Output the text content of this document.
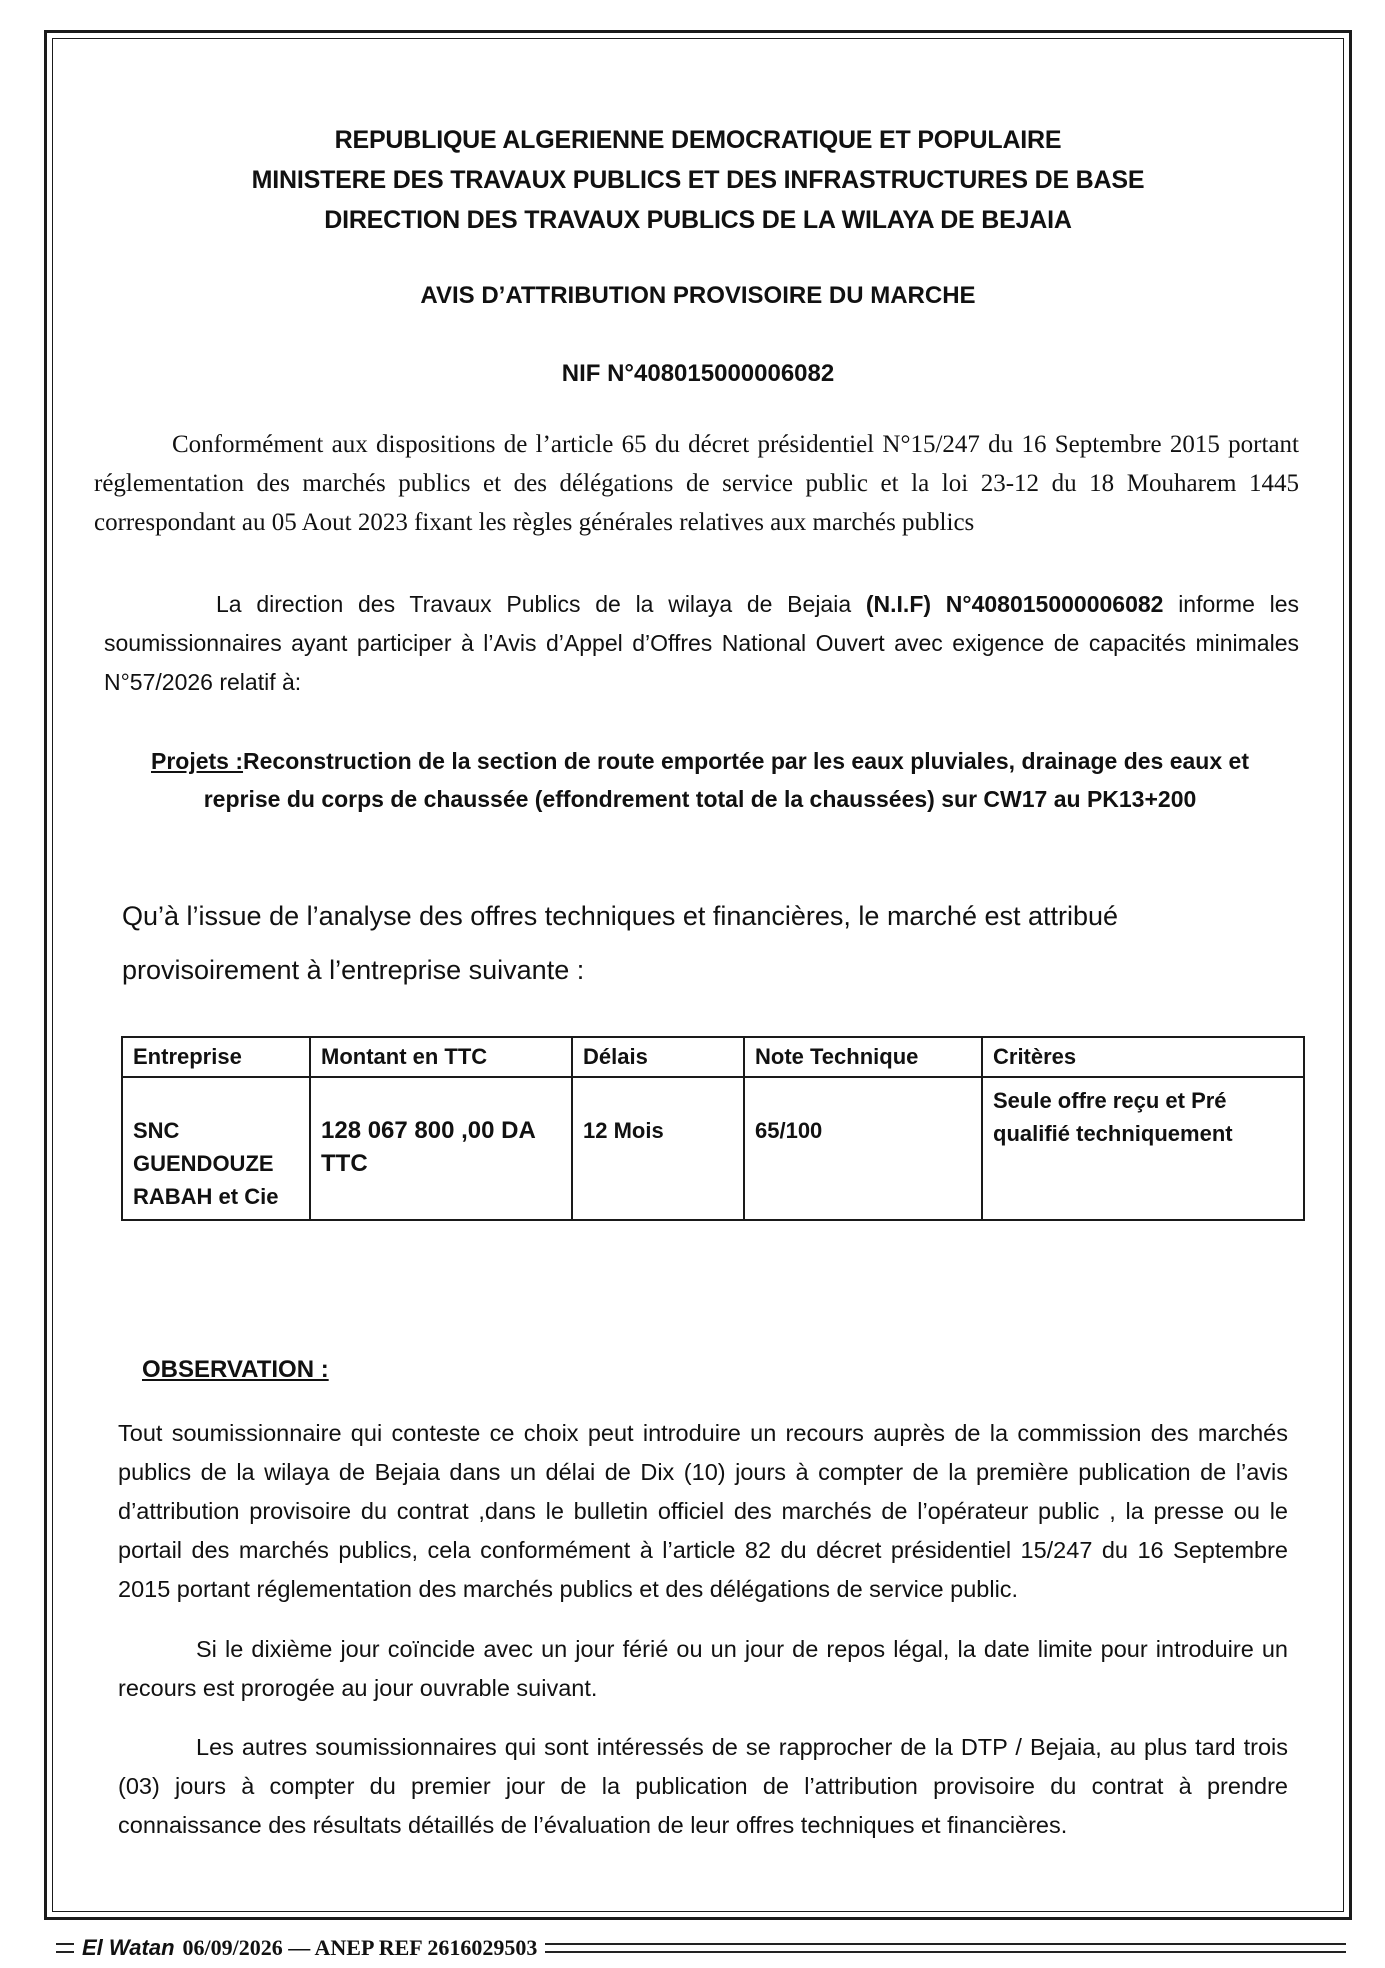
REPUBLIQUE ALGERIENNE DEMOCRATIQUE ET POPULAIRE
MINISTERE DES TRAVAUX PUBLICS ET DES INFRASTRUCTURES DE BASE
DIRECTION DES TRAVAUX PUBLICS DE LA WILAYA DE BEJAIA
AVIS D’ATTRIBUTION PROVISOIRE DU MARCHE
NIF N°408015000006082

Conformément aux dispositions de l’article 65 du décret présidentiel N°15/247 du 16 Septembre 2015 portant réglementation des marchés publics et des délégations de service public et la loi 23-12 du 18 Mouharem 1445 correspondant au 05 Aout 2023 fixant les règles générales relatives aux marchés publics

La direction des Travaux Publics de la wilaya de Bejaia (N.I.F) N°408015000006082 informe les soumissionnaires ayant participer à l’Avis d’Appel d’Offres National Ouvert avec exigence de capacités minimales N°57/2026 relatif à:

Projets :Reconstruction de la section de route emportée par les eaux pluviales, drainage des eaux et reprise du corps de chaussée (effondrement total de la chaussées) sur CW17 au PK13+200
Qu’à l’issue de l’analyse des offres techniques et financières, le marché est attribué provisoirement à l’entreprise suivante :
Entreprise	Montant en TTC	Délais	Note Technique	Critères
SNC GUENDOUZE RABAH et Cie	128 067 800 ,00 DA TTC	12 Mois	65/100	Seule offre reçu et Pré qualifié techniquement
OBSERVATION :

Tout soumissionnaire qui conteste ce choix peut introduire un recours auprès de la commission des marchés publics de la wilaya de Bejaia dans un délai de Dix (10) jours à compter de la première publication de l’avis d’attribution provisoire du contrat ,dans le bulletin officiel des marchés de l’opérateur public , la presse ou le portail des marchés publics, cela conformément à l’article 82 du décret présidentiel 15/247 du 16 Septembre 2015 portant réglementation des marchés publics et des délégations de service public.

Si le dixième jour coïncide avec un jour férié ou un jour de repos légal, la date limite pour introduire un recours est prorogée au jour ouvrable suivant.

Les autres soumissionnaires qui sont intéressés de se rapprocher de la DTP / Bejaia, au plus tard trois (03) jours à compter du premier jour de la publication de l’attribution provisoire du contrat à prendre connaissance des résultats détaillés de l’évaluation de leur offres techniques et financières.

El Watan 06/09/2026 — ANEP REF 2616029503
